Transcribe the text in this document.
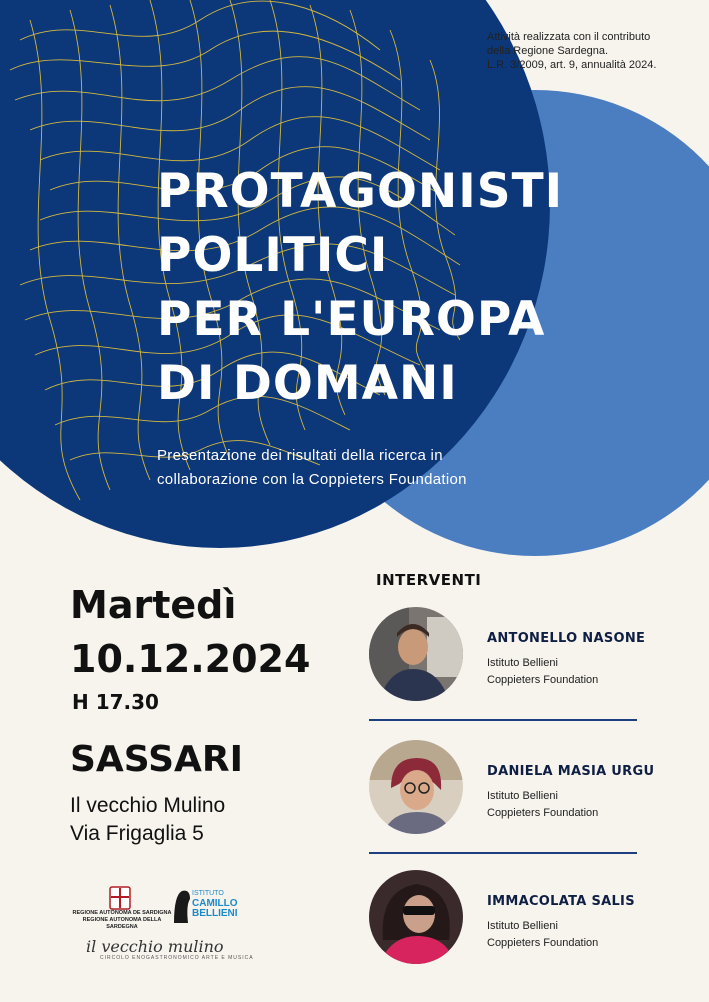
Attività realizzata con il contributo
della Regione Sardegna.
L.R. 3/2009, art. 9, annualità 2024.
PROTAGONISTI
POLITICI
PER L'EUROPA
DI DOMANI
Presentazione dei risultati della ricerca in
collaborazione con la Coppieters Foundation
Martedì
10.12.2024
H 17.30
SASSARI
Il vecchio Mulino
Via Frigaglia 5
INTERVENTI
ANTONELLO NASONE
Istituto Bellieni
Coppieters Foundation
DANIELA MASIA URGU
Istituto Bellieni
Coppieters Foundation
IMMACOLATA SALIS
Istituto Bellieni
Coppieters Foundation
REGIONE AUTÒNOMA DE SARDIGNA
REGIONE AUTONOMA DELLA SARDEGNA
ISTITUTO
CAMILLO
BELLIENI
il vecchio mulino
CIRCOLO ENOGASTRONOMICO ARTE E MUSICA
